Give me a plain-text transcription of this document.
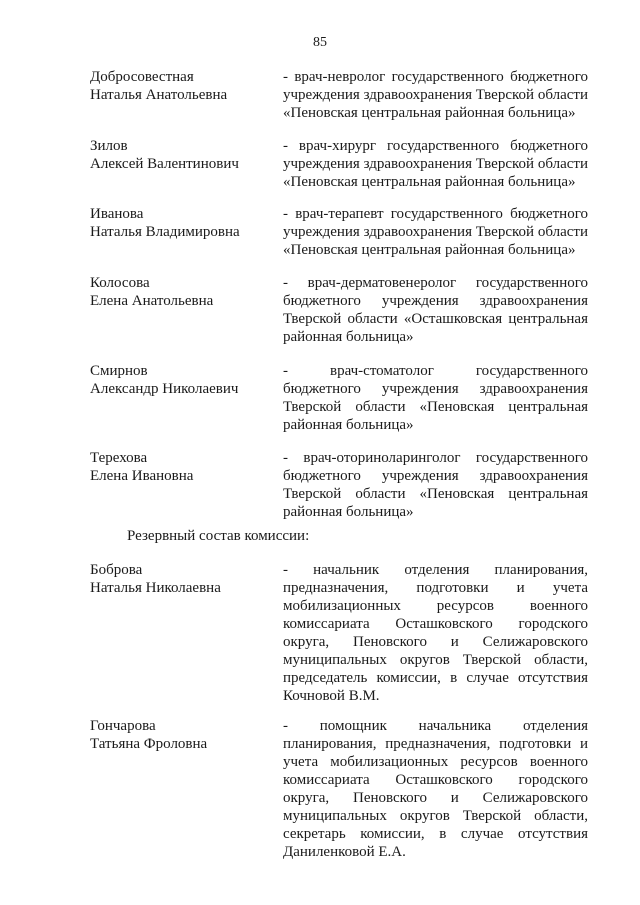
85
Добросовестная
Наталья Анатольевна
- врач-невролог государственного бюджетного
учреждения здравоохранения Тверской области
«Пеновская центральная районная больница»
Зилов
Алексей Валентинович
- врач-хирург государственного бюджетного
учреждения здравоохранения Тверской области
«Пеновская центральная районная больница»
Иванова
Наталья Владимировна
- врач-терапевт государственного бюджетного
учреждения здравоохранения Тверской области
«Пеновская центральная районная больница»
Колосова
Елена Анатольевна
- врач-дерматовенеролог государственного
бюджетного учреждения здравоохранения
Тверской области «Осташковская центральная
районная больница»
Смирнов
Александр Николаевич
- врач-стоматолог государственного
бюджетного учреждения здравоохранения
Тверской области «Пеновская центральная
районная больница»
Терехова
Елена Ивановна
- врач-оториноларинголог государственного
бюджетного учреждения здравоохранения
Тверской области «Пеновская центральная
районная больница»
Резервный состав комиссии:
Боброва
Наталья Николаевна
- начальник отделения планирования,
предназначения, подготовки и учета
мобилизационных ресурсов военного
комиссариата Осташковского городского
округа, Пеновского и Селижаровского
муниципальных округов Тверской области,
председатель комиссии, в случае отсутствия
Кочновой В.М.
Гончарова
Татьяна Фроловна
- помощник начальника отделения
планирования, предназначения, подготовки и
учета мобилизационных ресурсов военного
комиссариата Осташковского городского
округа, Пеновского и Селижаровского
муниципальных округов Тверской области,
секретарь комиссии, в случае отсутствия
Даниленковой Е.А.
